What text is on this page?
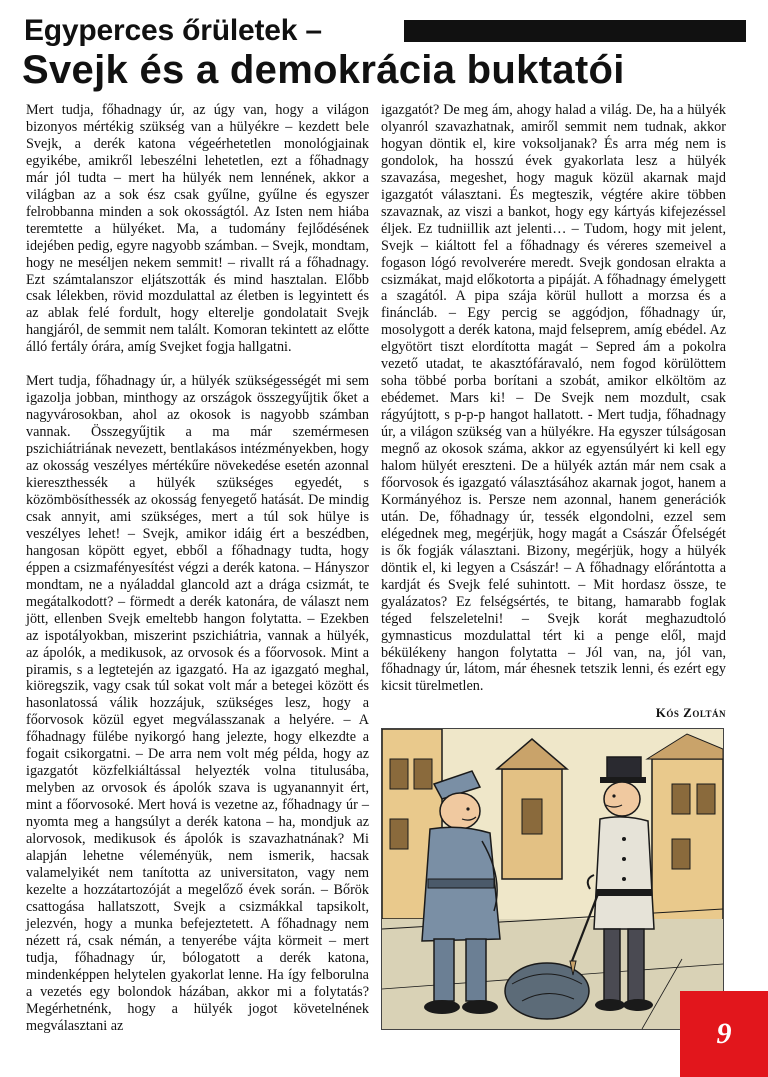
Egyperces őrületek –
Svejk és a demokrácia buktatói

Mert tudja, főhadnagy úr, az úgy van, hogy a világon bizonyos mértékig szükség van a hülyékre – kezdett bele Svejk, a derék katona végeérhetetlen monológjainak egyikébe, amikről lebeszélni lehetetlen, ezt a főhadnagy már jól tudta – mert ha hülyék nem lennének, akkor a világban az a sok ész csak gyűlne, gyűlne és egyszer felrobbanna minden a sok okosságtól. Az Isten nem hiába teremtette a hülyéket. Ma, a tudomány fejlődésének idejében pedig, egyre nagyobb számban. – Svejk, mondtam, hogy ne meséljen nekem semmit! – rivallt rá a főhadnagy. Ezt számtalanszor eljátszották és mind hasztalan. Előbb csak lélekben, rövid mozdulattal az életben is legyintett és az ablak felé fordult, hogy elterelje gondolatait Svejk hangjáról, de semmit nem talált. Komoran tekintett az előtte álló fertály órára, amíg Svejket fogja hallgatni.

Mert tudja, főhadnagy úr, a hülyék szükségességét mi sem igazolja jobban, minthogy az országok összegyűjtik őket a nagyvárosokban, ahol az okosok is nagyobb számban vannak. Összegyűjtik a ma már szemérmesen pszichiátriának nevezett, bentlakásos intézményekben, hogy az okosság veszélyes mértékűre növekedése esetén azonnal kiereszthessék a hülyék szükséges egyedét, s közömbösíthessék az okosság fenyegető hatását. De mindig csak annyit, ami szükséges, mert a túl sok hülye is veszélyes lehet! – Svejk, amikor idáig ért a beszédben, hangosan köpött egyet, ebből a főhadnagy tudta, hogy éppen a csizmafényesítést végzi a derék katona. – Hányszor mondtam, ne a nyáladdal glancold azt a drága csizmát, te megátalkodott? – förmedt a derék katonára, de választ nem jött, ellenben Svejk emeltebb hangon folytatta. – Ezekben az ispotályokban, miszerint pszichiátria, vannak a hülyék, az ápolók, a medikusok, az orvosok és a főorvosok. Mint a piramis, s a legtetején az igazgató. Ha az igazgató meghal, kiöregszik, vagy csak túl sokat volt már a betegei között és hasonlatossá válik hozzájuk, szükséges lesz, hogy a főorvosok közül egyet megválasszanak a helyére. – A főhadnagy fülébe nyikorgó hang jelezte, hogy elkezdte a fogait csikorgatni. – De arra nem volt még példa, hogy az igazgatót közfelkiáltással helyezték volna titulusába, melyben az orvosok és ápolók szava is ugyanannyit ért, mint a főorvosoké. Mert hová is vezetne az, főhadnagy úr – nyomta meg a hangsúlyt a derék katona – ha, mondjuk az alorvosok, medikusok és ápolók is szavazhatnának? Mi alapján lehetne véleményük, nem ismerik, hacsak valamelyikét nem tanította az universitaton, vagy nem kezelte a hozzátartozóját a megelőző évek során. – Bőrök csattogása hallatszott, Svejk a csizmákkal tapsikolt, jelezvén, hogy a munka befejeztetett. A főhadnagy nem nézett rá, csak némán, a tenyerébe vájta körmeit – mert tudja, főhadnagy úr, bólogatott a derék katona, mindenképpen helytelen gyakorlat lenne. Ha így felborulna a vezetés egy bolondok házában, akkor mi a folytatás? Megérhetnénk, hogy a hülyék jogot követelnének megválasztani az

igazgatót? De meg ám, ahogy halad a világ. De, ha a hülyék olyanról szavazhatnak, amiről semmit nem tudnak, akkor hogyan döntik el, kire voksoljanak? És arra még nem is gondolok, ha hosszú évek gyakorlata lesz a hülyék szavazása, megeshet, hogy maguk közül akarnak majd igazgatót választani. És megteszik, végtére akire többen szavaznak, az viszi a bankot, hogy egy kártyás kifejezéssel éljek. Ez tudniillik azt jelenti… – Tudom, hogy mit jelent, Svejk – kiáltott fel a főhadnagy és véreres szemeivel a fogason lógó revolverére meredt. Svejk gondosan elrakta a csizmákat, majd előkotorta a pipáját. A főhadnagy émelygett a szagától. A pipa szája körül hullott a morzsa és a fináncláb. – Egy percig se aggódjon, főhadnagy úr, mosolygott a derék katona, majd felseprem, amíg ebédel. Az elgyötört tiszt elordította magát – Sepred ám a pokolra vezető utadat, te akasztófáravaló, nem fogod körülöttem soha többé porba borítani a szobát, amikor elköltöm az ebédemet. Mars ki! – De Svejk nem mozdult, csak rágyújtott, s p-p-p hangot hallatott. - Mert tudja, főhadnagy úr, a világon szükség van a hülyékre. Ha egyszer túlságosan megnő az okosok száma, akkor az egyensúlyért ki kell egy halom hülyét ereszteni. De a hülyék aztán már nem csak a főorvosok és igazgató választásához akarnak jogot, hanem a Kormányéhoz is. Persze nem azonnal, hanem generációk után. De, főhadnagy úr, tessék elgondolni, ezzel sem elégednek meg, megérjük, hogy magát a Császár Őfelségét is ők fogják választani. Bizony, megérjük, hogy a hülyék döntik el, ki legyen a Császár! – A főhadnagy előrántotta a kardját és Svejk felé suhintott. – Mit hordasz össze, te gyalázatos? Ez felségsértés, te bitang, hamarabb foglak téged felszeletelni! – Svejk korát meghazudtoló gymnasticus mozdulattal tért ki a penge elől, majd békülékeny hangon folytatta – Jól van, na, jól van, főhadnagy úr, látom, már éhesnek tetszik lenni, és ezért egy kicsit türelmetlen.

Kós Zoltán
9
